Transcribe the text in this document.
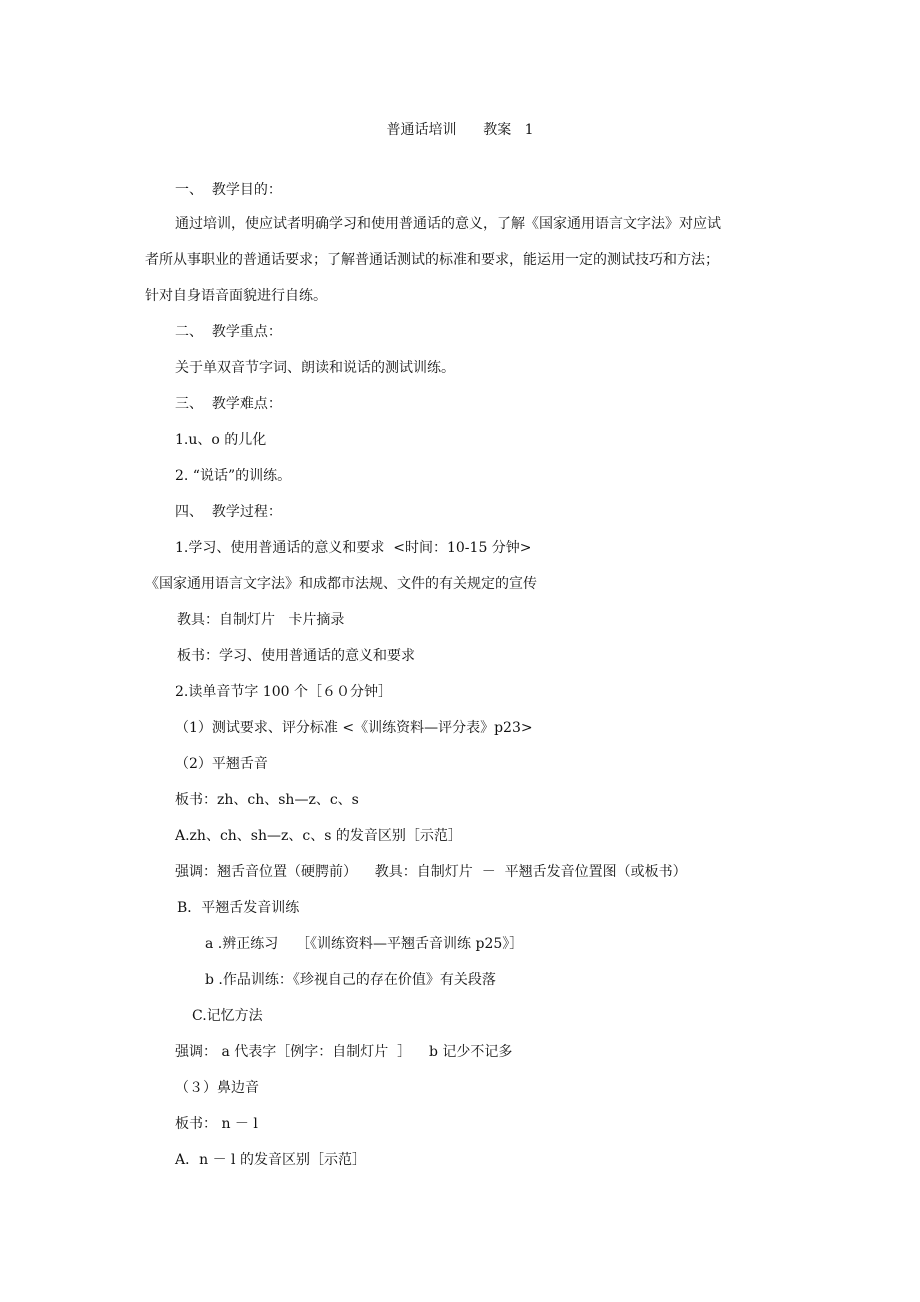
普通话培训      教案   1
一、  教学目的：
通过培训，使应试者明确学习和使用普通话的意义，了解《国家通用语言文字法》对应试
者所从事职业的普通话要求；了解普通话测试的标准和要求，能运用一定的测试技巧和方法；
针对自身语音面貌进行自练。
二、  教学重点：
关于单双音节字词、朗读和说话的测试训练。
三、  教学难点：
1.u、o 的儿化
2. “说话”的训练。
四、  教学过程：
1.学习、使用普通话的意义和要求  <时间：10-15 分钟>
《国家通用语言文字法》和成都市法规、文件的有关规定的宣传
教具：自制灯片   卡片摘录
板书：学习、使用普通话的意义和要求
2.读单音节字 100 个［６０分钟］
（1）测试要求、评分标准 <《训练资料—评分表》p23>
（2）平翘舌音
板书：zh、ch、sh—z、c、s
A.zh、ch、sh—z、c、s 的发音区别［示范］
强调：翘舌音位置（硬腭前）    教具：自制灯片  －  平翘舌发音位置图（或板书）
B．平翘舌发音训练
a .辨正练习    ［《训练资料—平翘舌音训练 p25》］
b .作品训练：《珍视自己的存在价值》有关段落
C.记忆方法
强调： a 代表字［例字：自制灯片  ］    b 记少不记多
（３）鼻边音
板书： n － l
A．n － l 的发音区别［示范］
